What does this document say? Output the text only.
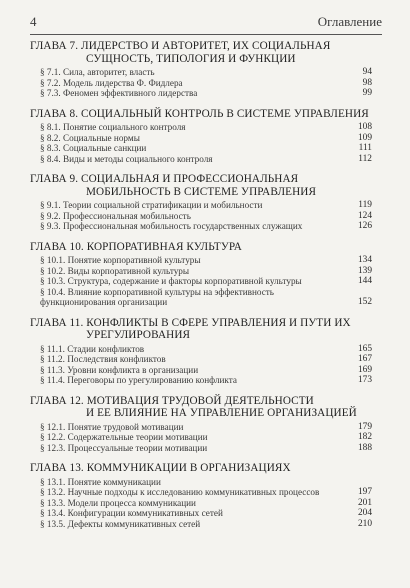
4	Оглавление
ГЛАВА 7. ЛИДЕРСТВО И АВТОРИТЕТ, ИХ СОЦИАЛЬНАЯ
СУЩНОСТЬ, ТИПОЛОГИЯ И ФУНКЦИИ
§ 7.1. Сила, авторитет, власть	94
§ 7.2. Модель лидерства Ф. Фидлера	98
§ 7.3. Феномен эффективного лидерства	99
ГЛАВА 8. СОЦИАЛЬНЫЙ КОНТРОЛЬ В СИСТЕМЕ УПРАВЛЕНИЯ
§ 8.1. Понятие социального контроля	108
§ 8.2. Социальные нормы	109
§ 8.3. Социальные санкции	111
§ 8.4. Виды и методы социального контроля	112
ГЛАВА 9. СОЦИАЛЬНАЯ И ПРОФЕССИОНАЛЬНАЯ
МОБИЛЬНОСТЬ В СИСТЕМЕ УПРАВЛЕНИЯ
§ 9.1. Теории социальной стратификации и мобильности	119
§ 9.2. Профессиональная мобильность	124
§ 9.3. Профессиональная мобильность государственных служащих	126
ГЛАВА 10. КОРПОРАТИВНАЯ КУЛЬТУРА
§ 10.1. Понятие корпоративной культуры	134
§ 10.2. Виды корпоративной культуры	139
§ 10.3. Структура, содержание и факторы корпоративной культуры	144
§ 10.4. Влияние корпоративной культуры на эффективность функционирования организации	152
ГЛАВА 11. КОНФЛИКТЫ В СФЕРЕ УПРАВЛЕНИЯ И ПУТИ ИХ
УРЕГУЛИРОВАНИЯ
§ 11.1. Стадии конфликтов	165
§ 11.2. Последствия конфликтов	167
§ 11.3. Уровни конфликта в организации	169
§ 11.4. Переговоры по урегулированию конфликта	173
ГЛАВА 12. МОТИВАЦИЯ ТРУДОВОЙ ДЕЯТЕЛЬНОСТИ
И ЕЕ ВЛИЯНИЕ НА УПРАВЛЕНИЕ ОРГАНИЗАЦИЕЙ
§ 12.1. Понятие трудовой мотивации	179
§ 12.2. Содержательные теории мотивации	182
§ 12.3. Процессуальные теории мотивации	188
ГЛАВА 13. КОММУНИКАЦИИ В ОРГАНИЗАЦИЯХ
§ 13.1. Понятие коммуникации
§ 13.2. Научные подходы к исследованию коммуникативных процессов	197
§ 13.3. Модели процесса коммуникации	201
§ 13.4. Конфигурации коммуникативных сетей	204
§ 13.5. Дефекты коммуникативных сетей	210
